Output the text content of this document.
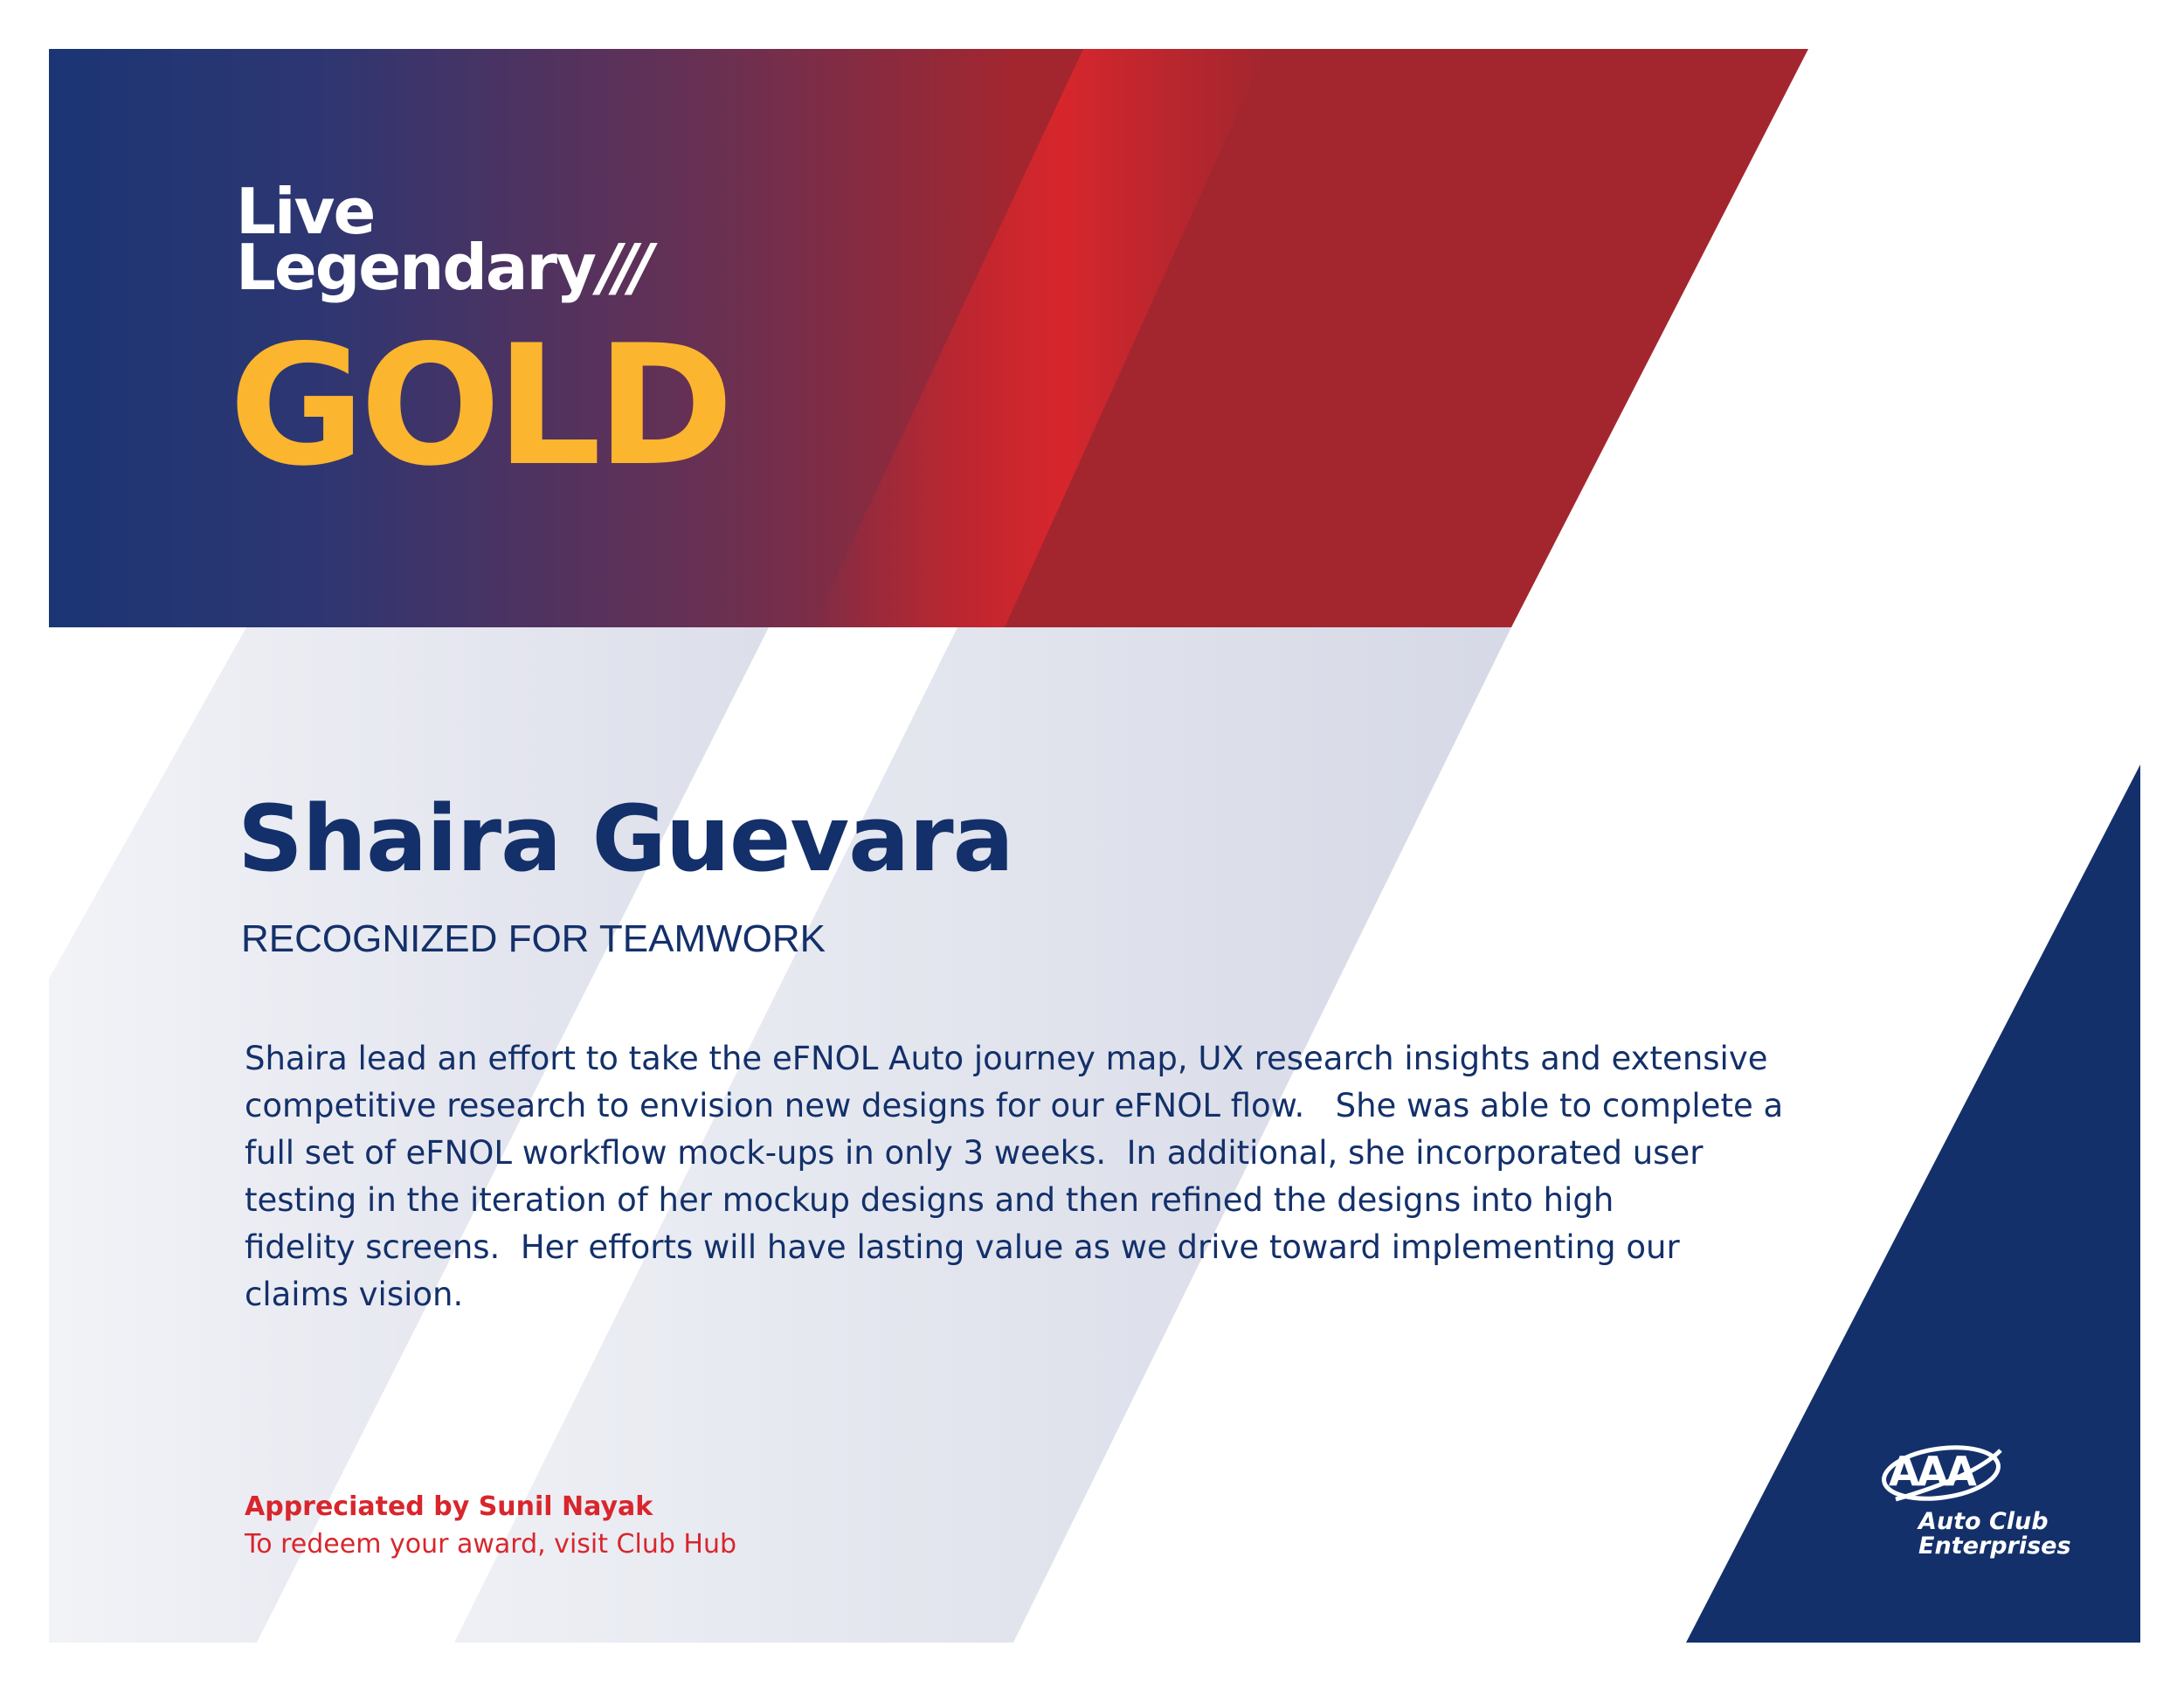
Live
Legendary///
GOLD
Shaira Guevara
RECOGNIZED FOR TEAMWORK
Shaira lead an effort to take the eFNOL Auto journey map, UX research insights and extensive
competitive research to envision new designs for our eFNOL flow.   She was able to complete a
full set of eFNOL workflow mock-ups in only 3 weeks.  In additional, she incorporated user
testing in the iteration of her mockup designs and then refined the designs into high
fidelity screens.  Her efforts will have lasting value as we drive toward implementing our
claims vision.
Appreciated by Sunil Nayak
To redeem your award, visit Club Hub
AAA
Auto Club
Enterprises
